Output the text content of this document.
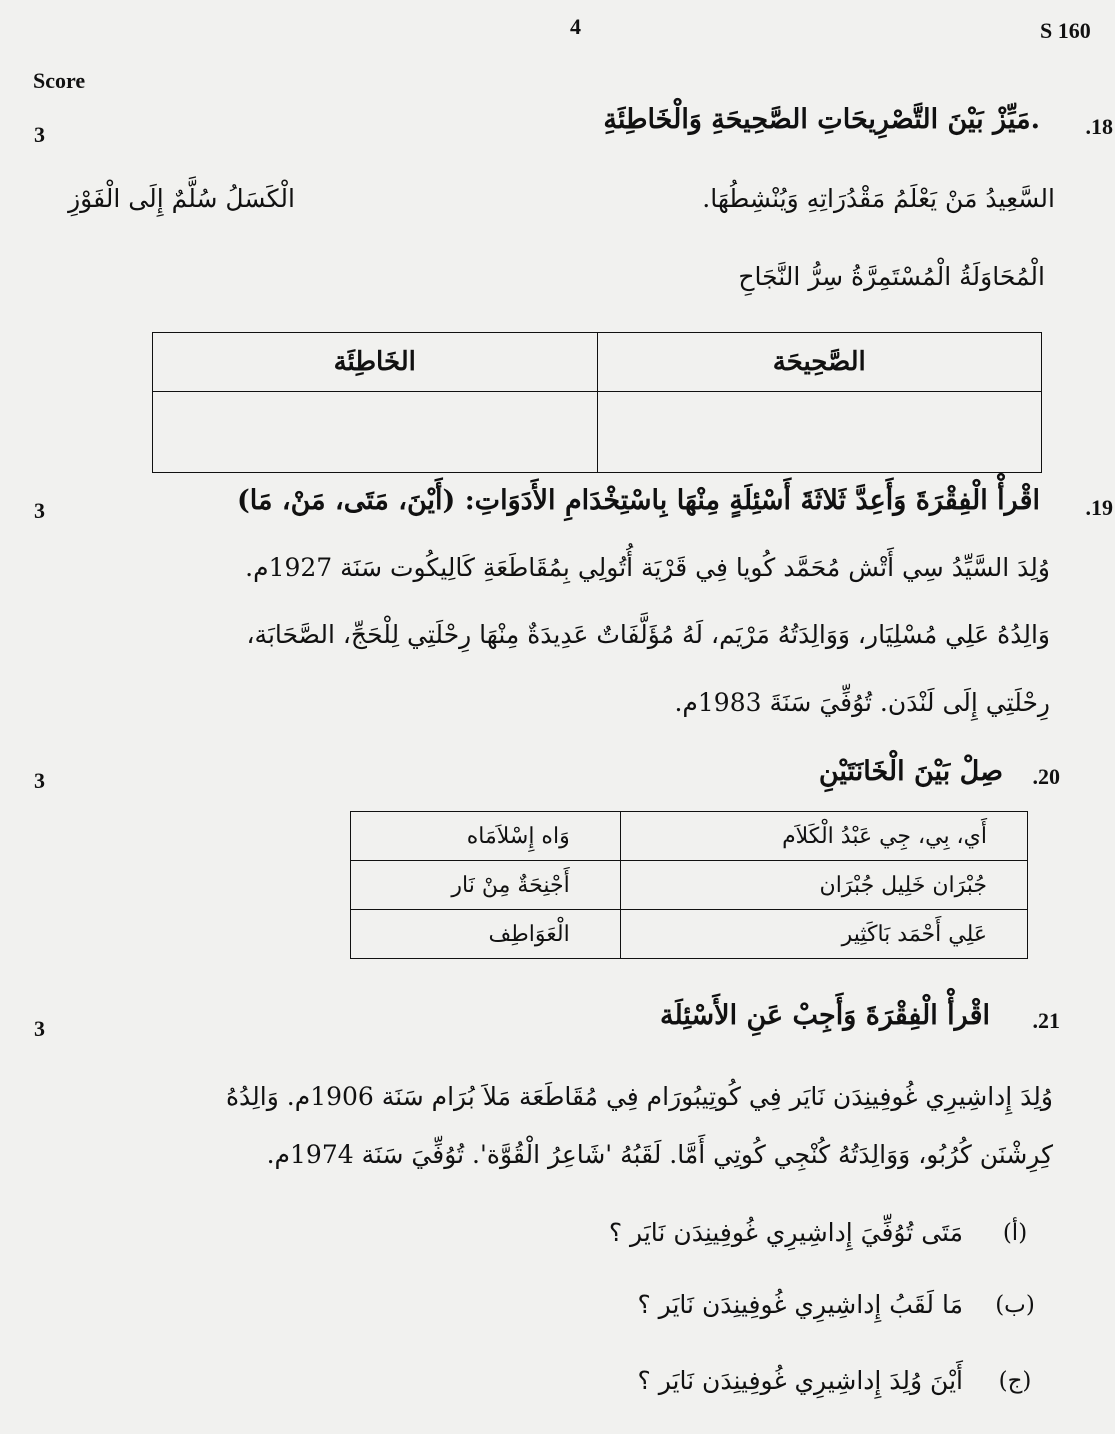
4	S 160
Score
3	.18
.مَيِّزْ بَيْنَ التَّصْرِيحَاتِ الصَّحِيحَةِ وَالْخَاطِئَةِ
السَّعِيدُ مَنْ يَعْلَمُ مَقْدُرَاتِهِ وَيُنْشِطُهَا.
الْكَسَلُ سُلَّمٌ إِلَى الْفَوْزِ
الْمُحَاوَلَةُ الْمُسْتَمِرَّةُ سِرُّ النَّجَاحِ
الصَّحِيحَة	الخَاطِئَة

3	.19
اقْرأْ الْفِقْرَةَ وَأَعِدَّ ثَلاثَةَ أَسْئِلَةٍ مِنْهَا بِاسْتِخْدَامِ الأَدَوَاتِ: (أَيْنَ، مَتَى، مَنْ، مَا)
وُلِدَ السَّيِّدُ سِي أَتْش مُحَمَّد كُويا فِي قَرْيَة أُتُولِي بِمُقَاطَعَةِ كَالِيكُوت سَنَة 1927م.
وَالِدُهُ عَلِي مُسْلِيَار، وَوَالِدَتُهُ مَرْيَم، لَهُ مُؤَلَّفَاتٌ عَدِيدَةٌ مِنْهَا رِحْلَتِي لِلْحَجِّ، الصَّحَابَة،
رِحْلَتِي إِلَى لَنْدَن. تُوُفِّيَ سَنَةَ 1983م.
3	.20
صِلْ بَيْنَ الْخَانَتَيْنِ
أَي، بِي، جِي عَبْدُ الْكَلاَم	وَاه إِسْلاَمَاه
جُبْرَان خَلِيل جُبْرَان	أَجْنِحَةٌ مِنْ نَار
عَلِي أَحْمَد بَاكَثِير	الْعَوَاطِف
3	.21
اقْرأْ الْفِقْرَةَ وَأَجِبْ عَنِ الأَسْئِلَة
وُلِدَ إِداشِيرِي غُوفِينِدَن نَايَر فِي كُوتِيبُورَام فِي مُقَاطَعَة مَلاَ بُرَام سَنَة 1906م. وَالِدُهُ
كِرِشْنَن كُرُبُو، وَوَالِدَتُهُ كُنْجِي كُوتِي أَمَّا. لَقَبُهُ 'شَاعِرُ الْقُوَّة'. تُوُفِّيَ سَنَة 1974م.
(أ)
مَتَى تُوُفِّيَ إِداشِيرِي غُوفِينِدَن نَايَر ؟
(ب)
مَا لَقَبُ إِداشِيرِي غُوفِينِدَن نَايَر ؟
(ج)
أَيْنَ وُلِدَ إِداشِيرِي غُوفِينِدَن نَايَر ؟
